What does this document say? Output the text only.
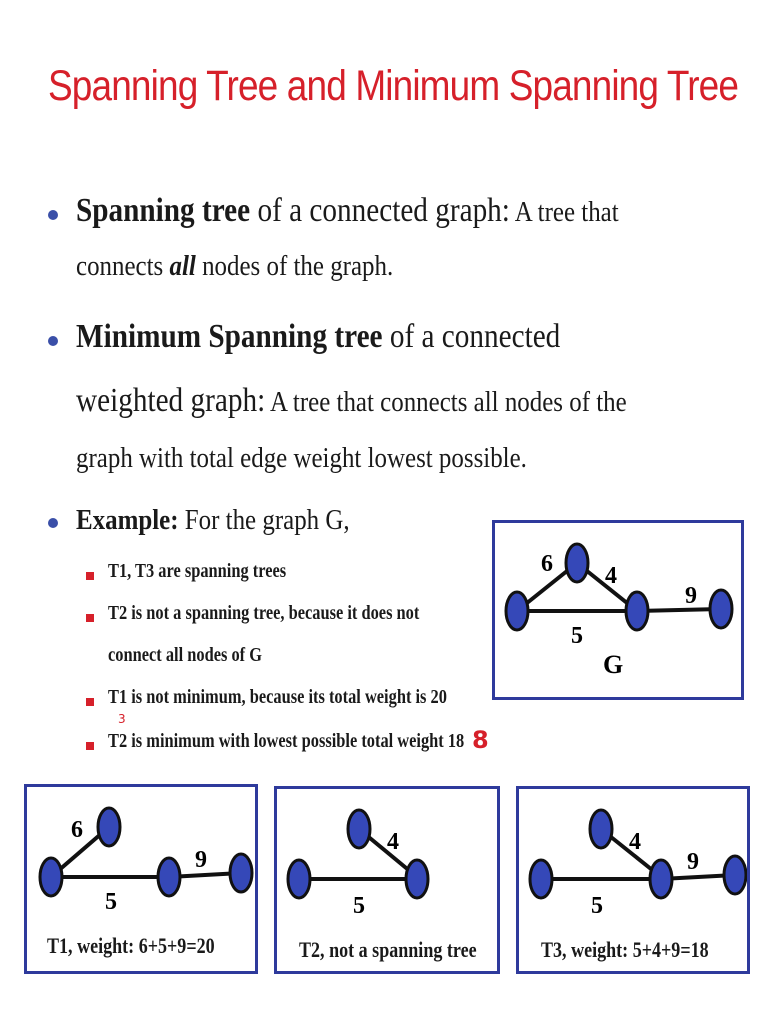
Spanning Tree and Minimum Spanning Tree
Spanning tree of a connected graph: A tree that
connects all nodes of the graph.
Minimum Spanning tree of a connected
weighted graph: A tree that connects all nodes of the
graph with total edge weight lowest possible.
Example: For the graph G,
T1, T3 are spanning trees
T2 is not a spanning tree, because it does not
connect all nodes of G
T1 is not minimum, because its total weight is 20
T2 is minimum with lowest possible total weight 18
3
8
6 4
9
5
G
6
9
5
T1, weight: 6+5+9=20
4
5
T2, not a spanning tree
4
9
5
T3, weight: 5+4+9=18
